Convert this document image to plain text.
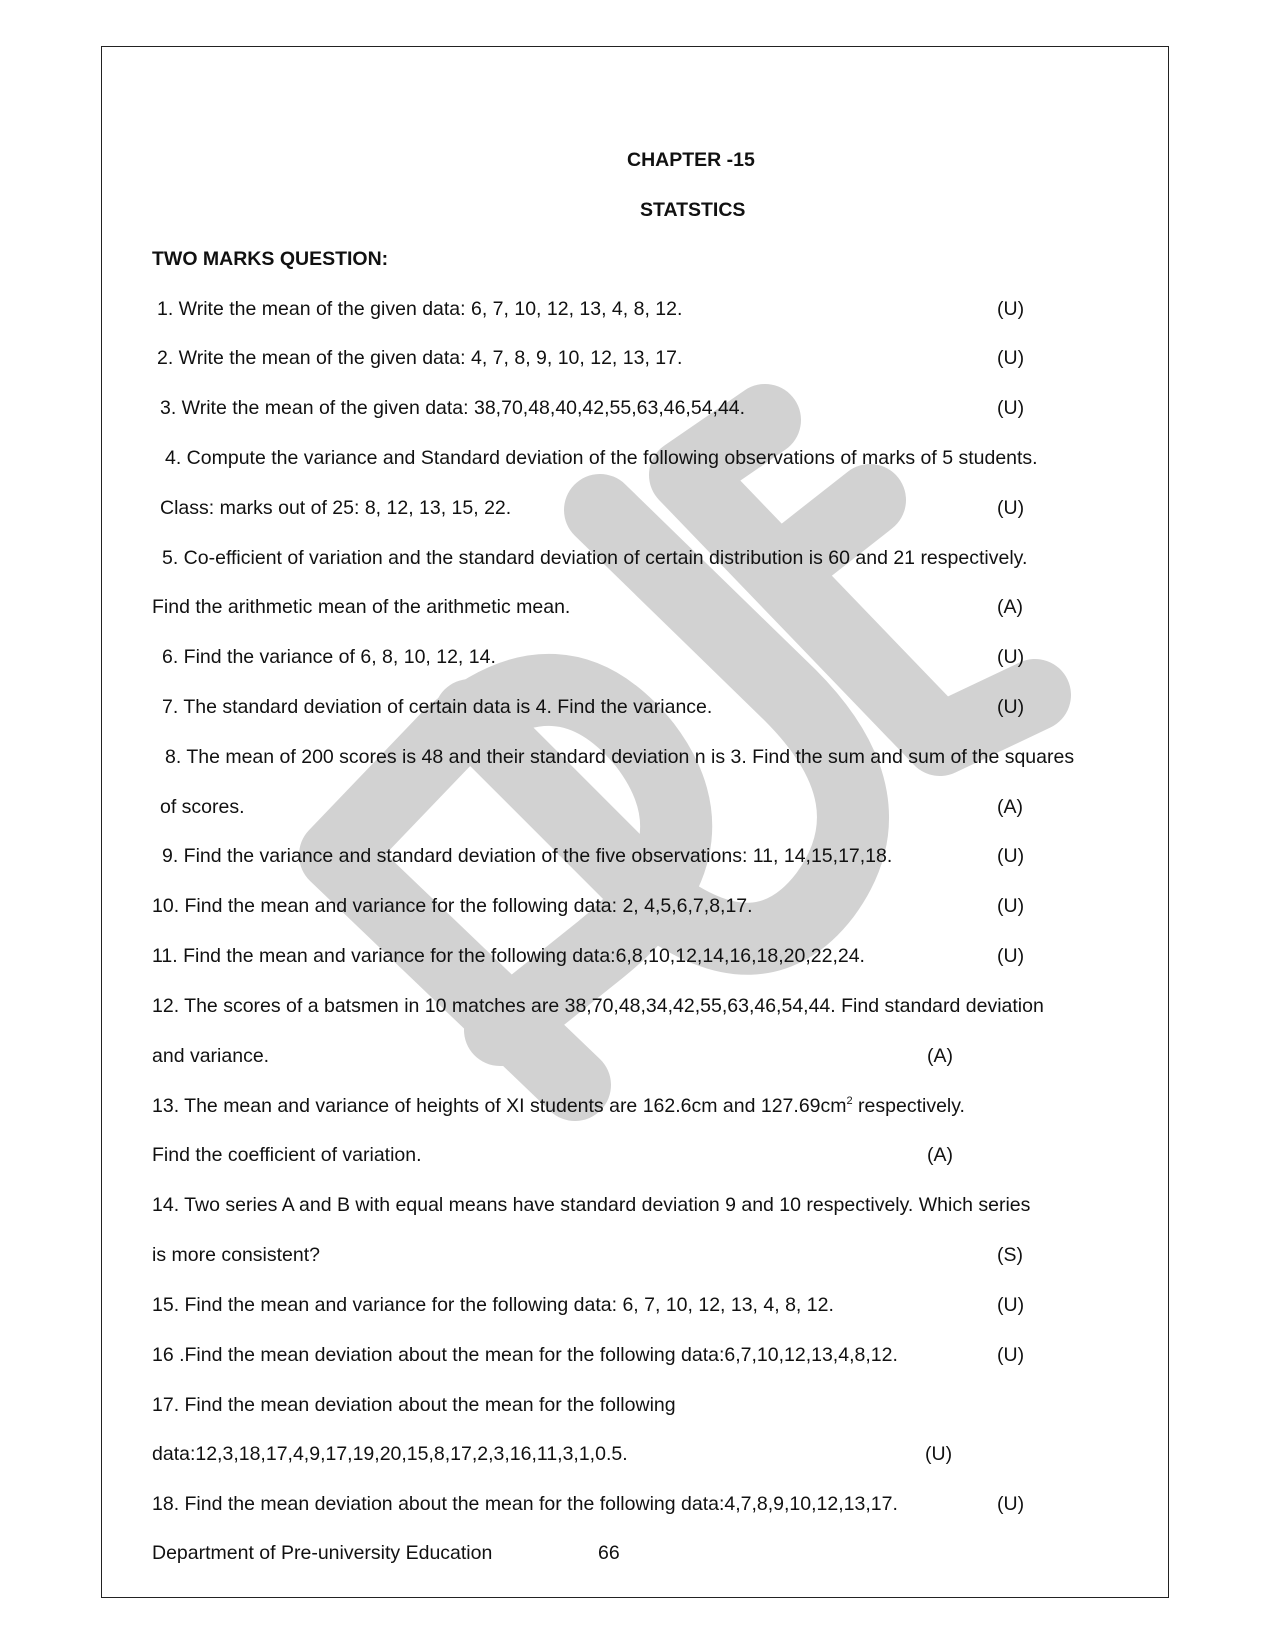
CHAPTER -15
STATSTICS
TWO MARKS QUESTION:
1. Write the mean of the given data: 6, 7, 10, 12, 13, 4, 8, 12.	(U)
2. Write the mean of the given data: 4, 7, 8, 9, 10, 12, 13, 17.	(U)
3. Write the mean of the given data: 38,70,48,40,42,55,63,46,54,44.	(U)
4. Compute the variance and Standard deviation of the following observations of marks of 5 students.
Class: marks out of 25: 8, 12, 13, 15, 22.	(U)
5. Co-efficient of variation and the standard deviation of certain distribution is 60 and 21 respectively.
Find the arithmetic mean of the arithmetic mean.	(A)
6. Find the variance of 6, 8, 10, 12, 14.	(U)
7. The standard deviation of certain data is 4. Find the variance.	(U)
8. The mean of 200 scores is 48 and their standard deviation n is 3. Find the sum and sum of the squares
of scores.	(A)
9. Find the variance and standard deviation of the five observations: 11, 14,15,17,18.	(U)
10. Find the mean and variance for the following data: 2, 4,5,6,7,8,17.	(U)
11. Find the mean and variance for the following data:6,8,10,12,14,16,18,20,22,24.	(U)
12. The scores of a batsmen in 10 matches are 38,70,48,34,42,55,63,46,54,44. Find standard deviation
and variance.	(A)
13. The mean and variance of heights of XI students are 162.6cm and $127.69cm^2$ respectively.
Find the coefficient of variation.	(A)
14. Two series A and B with equal means have standard deviation 9 and 10 respectively. Which series
is more consistent?	(S)
15. Find the mean and variance for the following data: 6, 7, 10, 12, 13, 4, 8, 12.	(U)
16 .Find the mean deviation about the mean for the following data:6,7,10,12,13,4,8,12.	(U)
17. Find the mean deviation about the mean for the following
data:12,3,18,17,4,9,17,19,20,15,8,17,2,3,16,11,3,1,0.5.	(U)
18. Find the mean deviation about the mean for the following data:4,7,8,9,10,12,13,17.	(U)
Department of Pre-university Education	66
